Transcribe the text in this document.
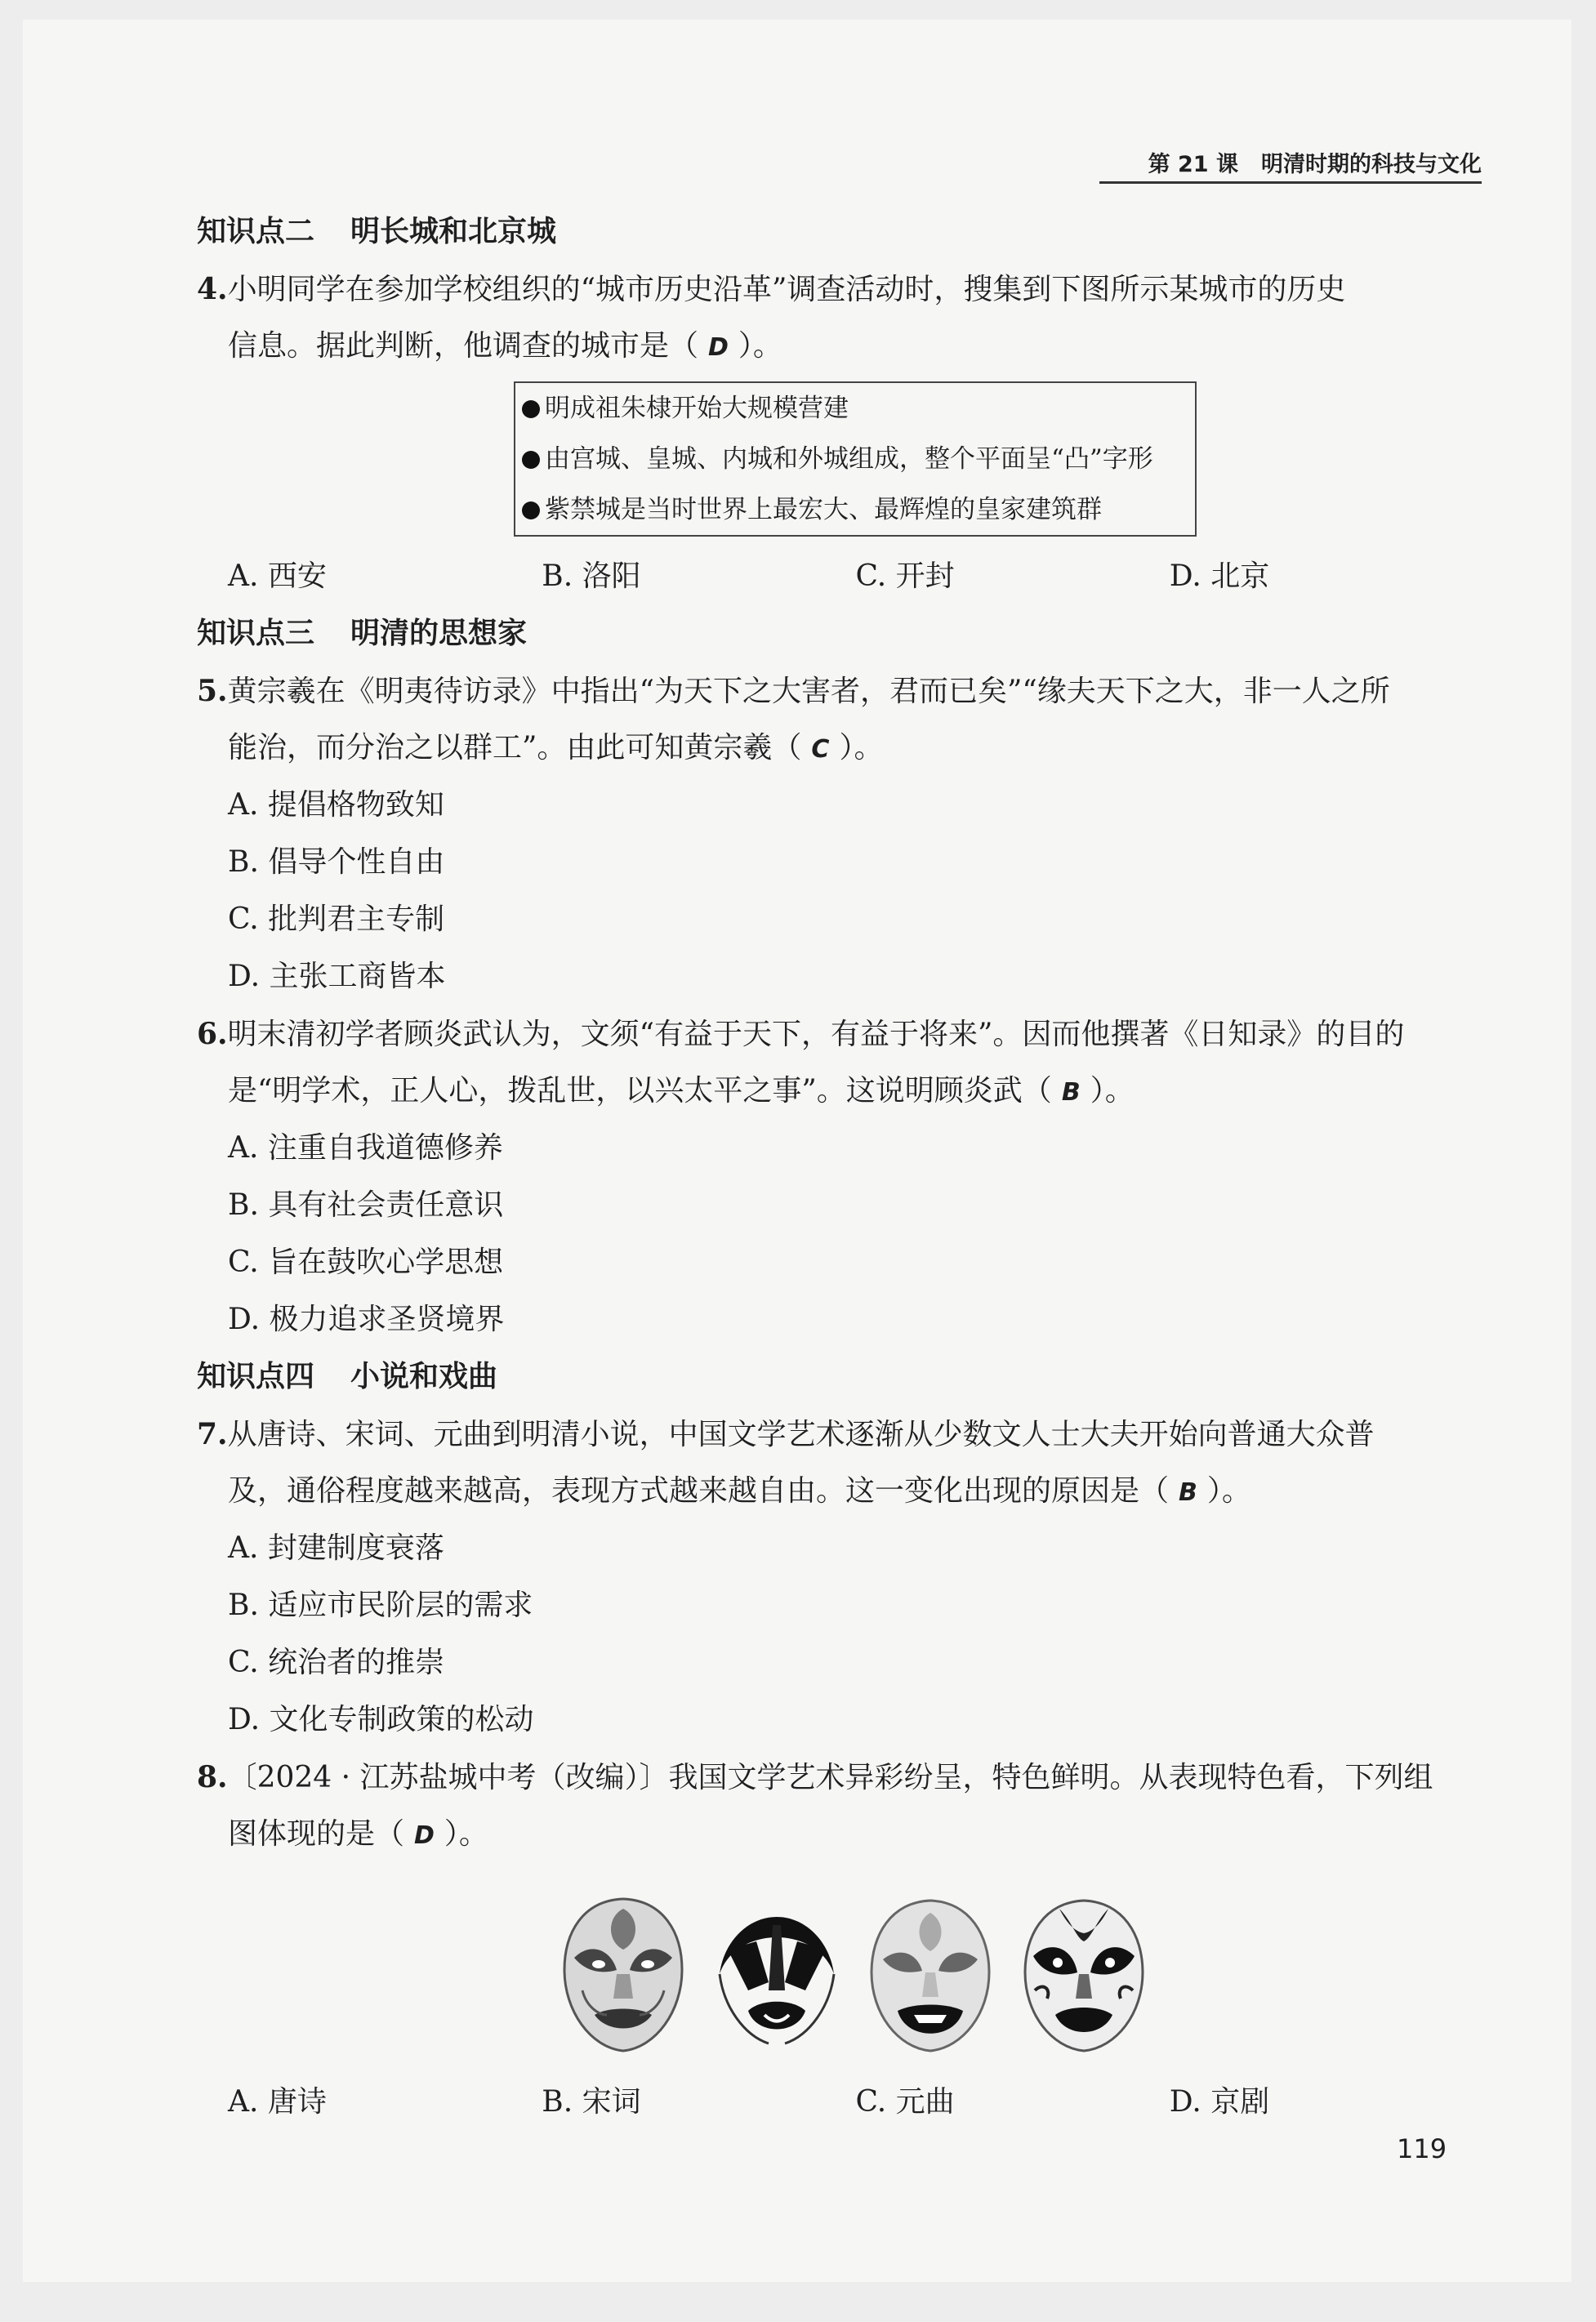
第 21 课 明清时期的科技与文化
知识点二 明长城和北京城
4.小明同学在参加学校组织的“城市历史沿革”调查活动时，搜集到下图所示某城市的历史
信息。据此判断，他调查的城市是（ D ）。
明成祖朱棣开始大规模营建
由宫城、皇城、内城和外城组成，整个平面呈“凸”字形
紫禁城是当时世界上最宏大、最辉煌的皇家建筑群
A. 西安	B. 洛阳	C. 开封	D. 北京
知识点三 明清的思想家
5.黄宗羲在《明夷待访录》中指出“为天下之大害者，君而已矣”“缘夫天下之大，非一人之所
能治，而分治之以群工”。由此可知黄宗羲（ C ）。
A. 提倡格物致知
B. 倡导个性自由
C. 批判君主专制
D. 主张工商皆本
6.明末清初学者顾炎武认为，文须“有益于天下，有益于将来”。因而他撰著《日知录》的目的
是“明学术，正人心，拨乱世，以兴太平之事”。这说明顾炎武（ B ）。
A. 注重自我道德修养
B. 具有社会责任意识
C. 旨在鼓吹心学思想
D. 极力追求圣贤境界
知识点四 小说和戏曲
7.从唐诗、宋词、元曲到明清小说，中国文学艺术逐渐从少数文人士大夫开始向普通大众普
及，通俗程度越来越高，表现方式越来越自由。这一变化出现的原因是（ B ）。
A. 封建制度衰落
B. 适应市民阶层的需求
C. 统治者的推崇
D. 文化专制政策的松动
8.〔2024 · 江苏盐城中考（改编）〕我国文学艺术异彩纷呈，特色鲜明。从表现特色看，下列组
图体现的是（ D ）。
A. 唐诗	B. 宋词	C. 元曲	D. 京剧
119
